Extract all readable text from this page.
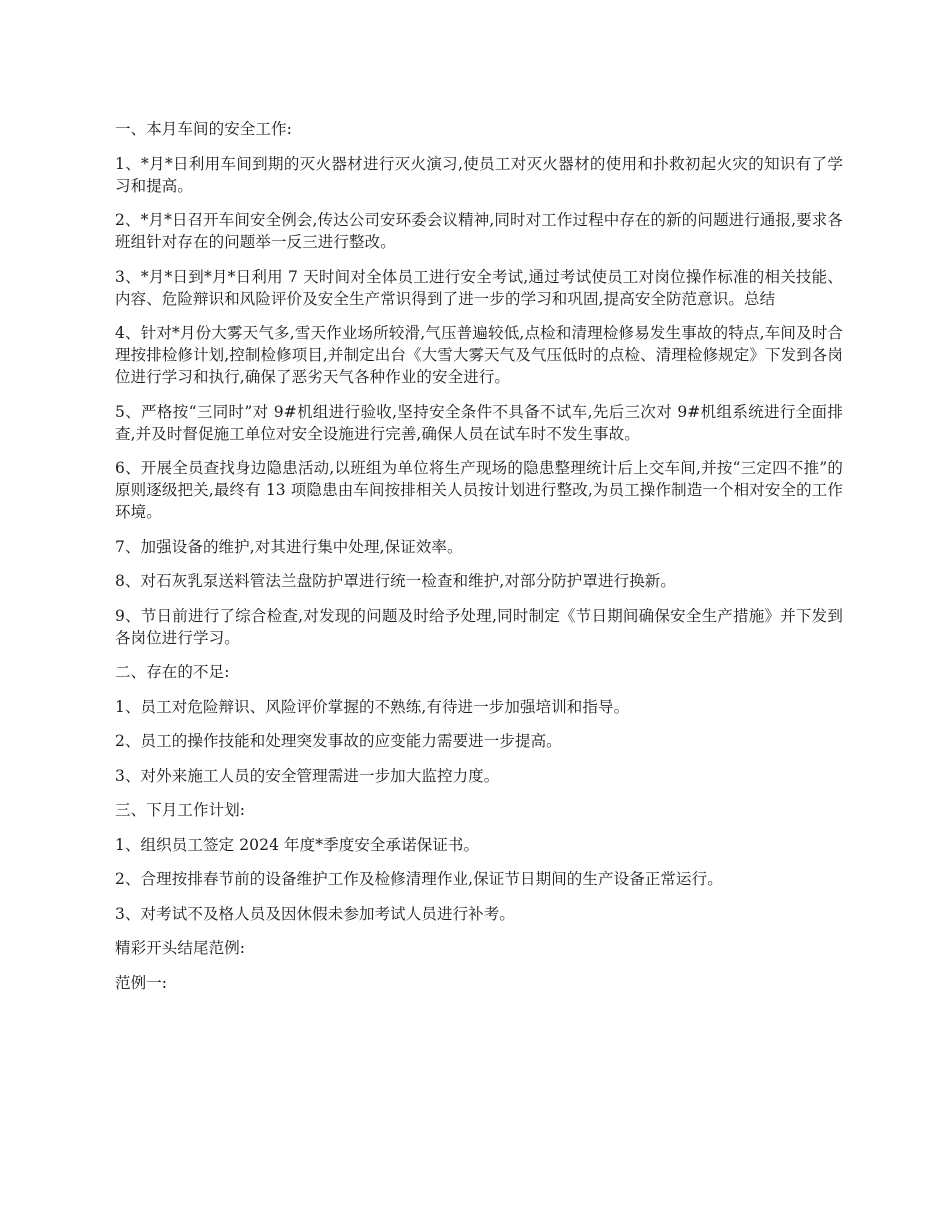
一、本月车间的安全工作:

1、*月*日利用车间到期的灭火器材进行灭火演习,使员工对灭火器材的使用和扑救初起火灾的知识有了学习和提高。

2、*月*日召开车间安全例会,传达公司安环委会议精神,同时对工作过程中存在的新的问题进行通报,要求各班组针对存在的问题举一反三进行整改。

3、*月*日到*月*日利用 7 天时间对全体员工进行安全考试,通过考试使员工对岗位操作标准的相关技能、内容、危险辩识和风险评价及安全生产常识得到了进一步的学习和巩固,提高安全防范意识。总结

4、针对*月份大雾天气多,雪天作业场所较滑,气压普遍较低,点检和清理检修易发生事故的特点,车间及时合理按排检修计划,控制检修项目,并制定出台《大雪大雾天气及气压低时的点检、清理检修规定》下发到各岗位进行学习和执行,确保了恶劣天气各种作业的安全进行。

5、严格按“三同时”对 9#机组进行验收,坚持安全条件不具备不试车,先后三次对 9#机组系统进行全面排查,并及时督促施工单位对安全设施进行完善,确保人员在试车时不发生事故。

6、开展全员查找身边隐患活动,以班组为单位将生产现场的隐患整理统计后上交车间,并按“三定四不推”的原则逐级把关,最终有 13 项隐患由车间按排相关人员按计划进行整改,为员工操作制造一个相对安全的工作环境。

7、加强设备的维护,对其进行集中处理,保证效率。

8、对石灰乳泵送料管法兰盘防护罩进行统一检查和维护,对部分防护罩进行换新。

9、节日前进行了综合检查,对发现的问题及时给予处理,同时制定《节日期间确保安全生产措施》并下发到各岗位进行学习。

二、存在的不足:

1、员工对危险辩识、风险评价掌握的不熟练,有待进一步加强培训和指导。

2、员工的操作技能和处理突发事故的应变能力需要进一步提高。

3、对外来施工人员的安全管理需进一步加大监控力度。

三、下月工作计划:

1、组织员工签定 2024 年度*季度安全承诺保证书。

2、合理按排春节前的设备维护工作及检修清理作业,保证节日期间的生产设备正常运行。

3、对考试不及格人员及因休假未参加考试人员进行补考。

精彩开头结尾范例:

范例一:
